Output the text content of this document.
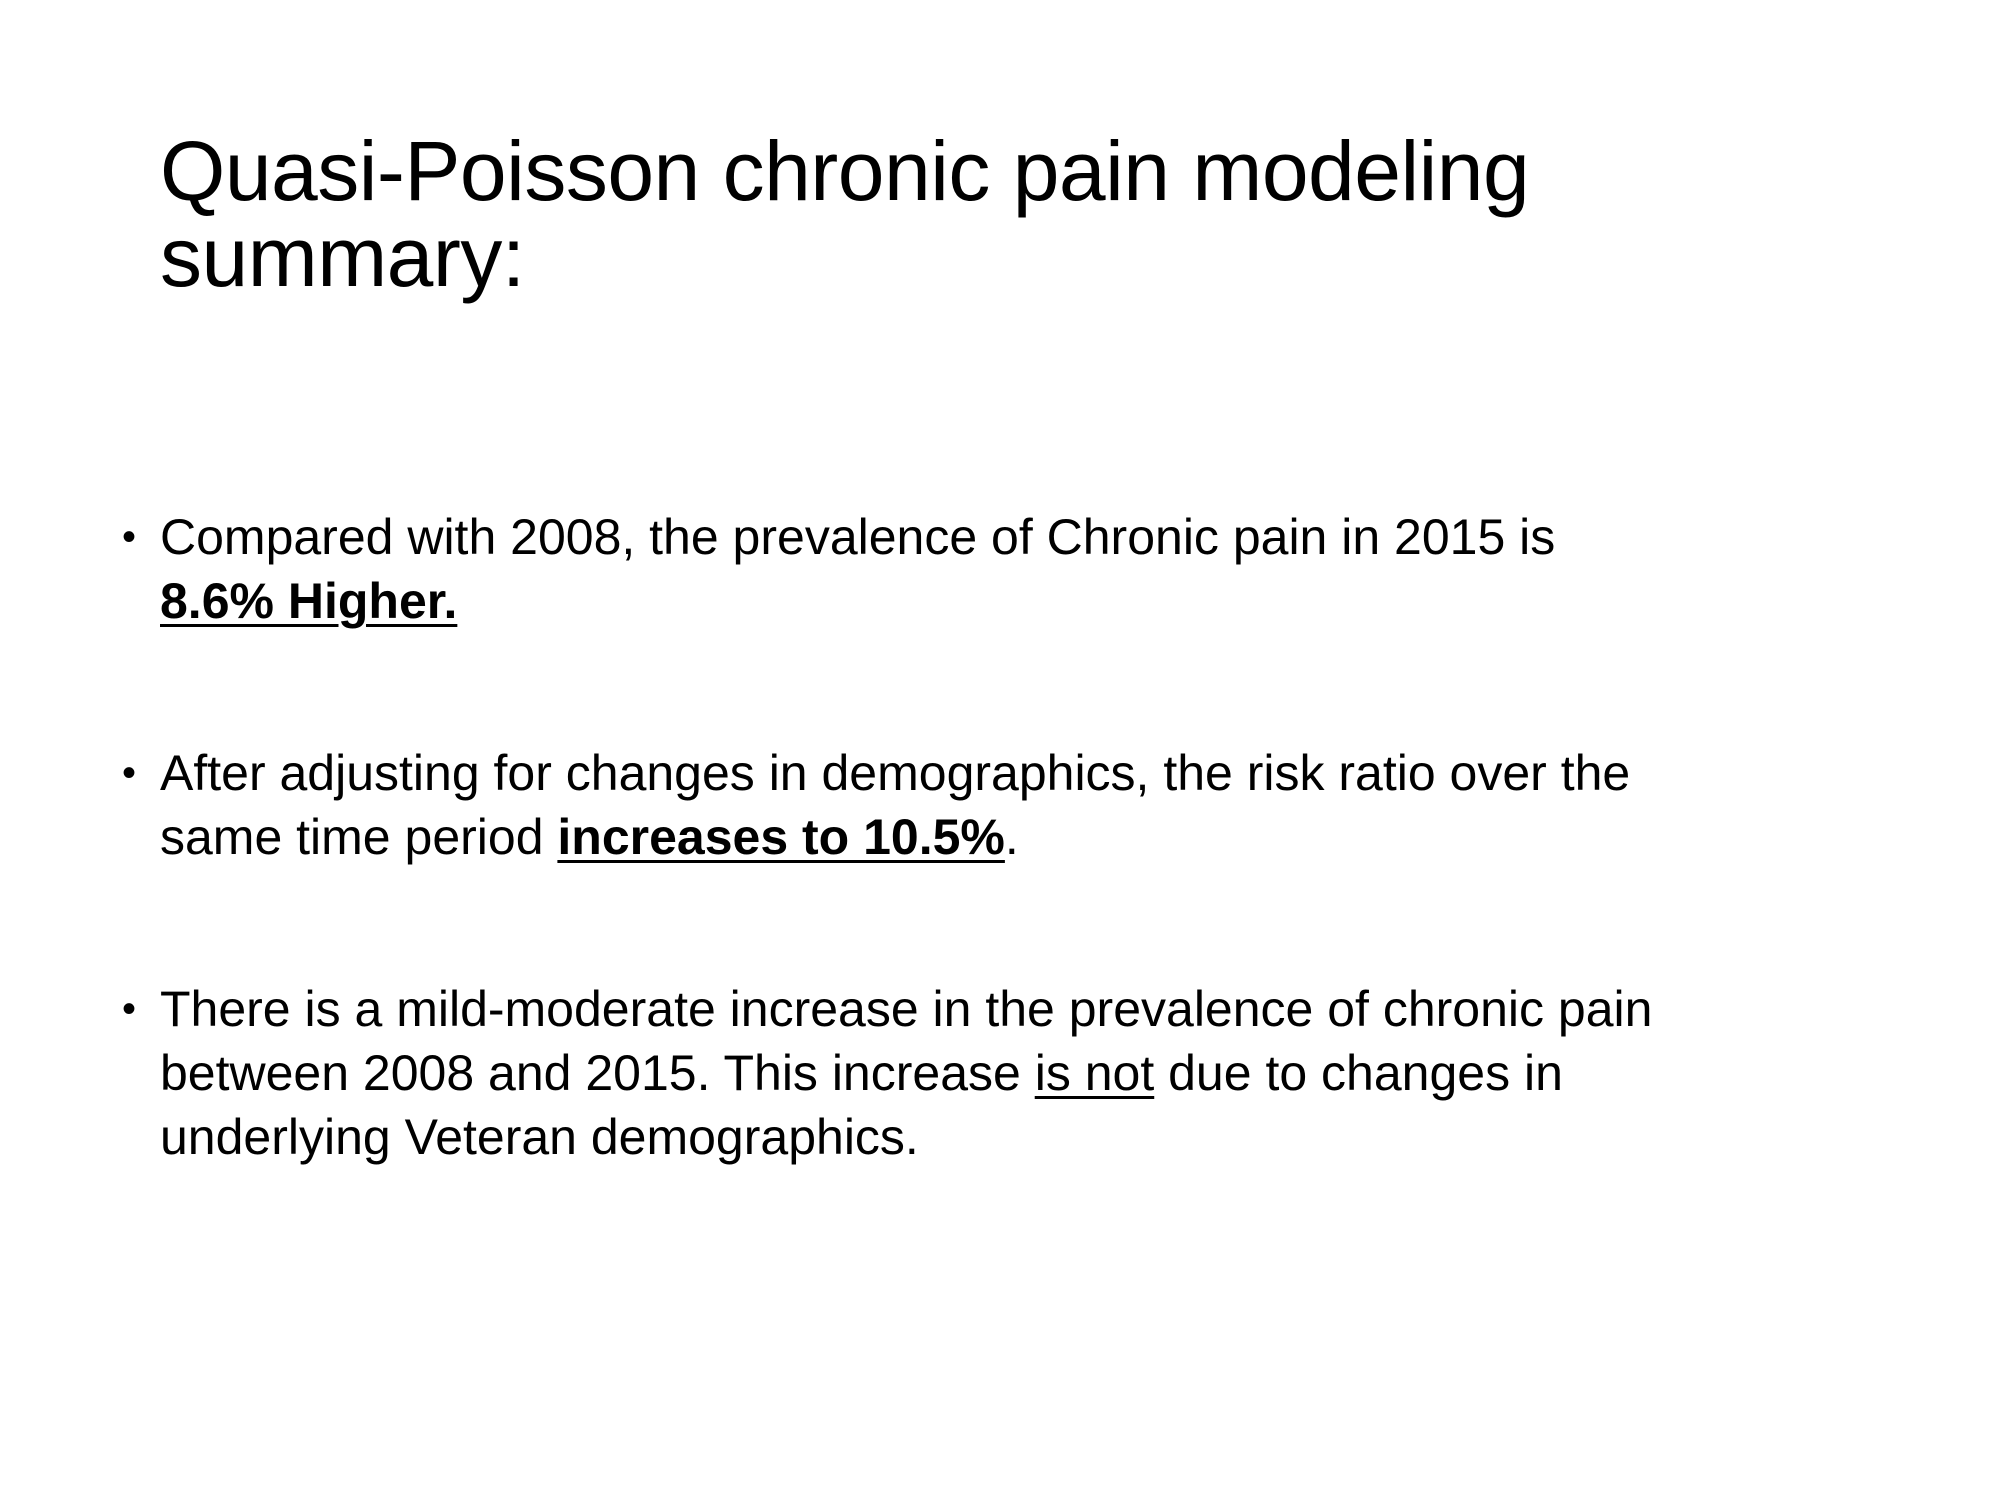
Quasi-Poisson chronic pain modeling summary:
• Compared with 2008, the prevalence of Chronic pain in 2015 is
8.6% Higher.
• After adjusting for changes in demographics, the risk ratio over the same time period increases to 10.5%.
• There is a mild-moderate increase in the prevalence of chronic pain between 2008 and 2015. This increase is not due to changes in underlying Veteran demographics.
